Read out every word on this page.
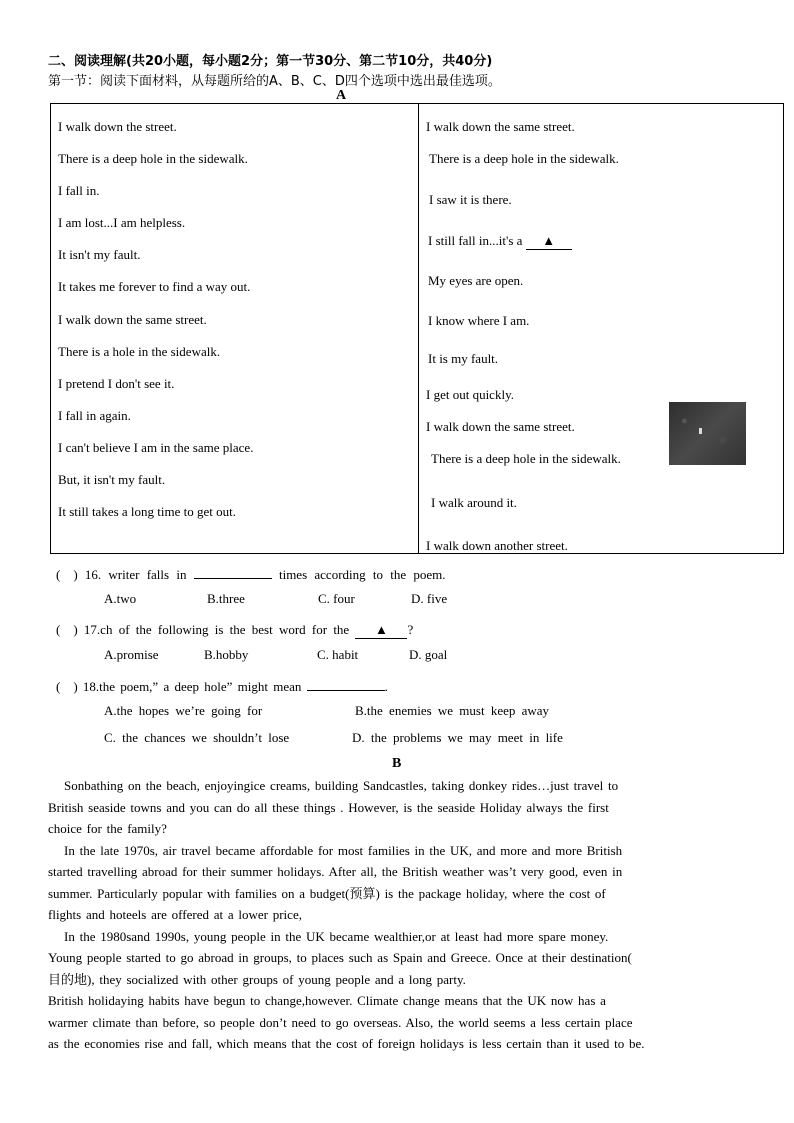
二、阅读理解(共20小题，每小题2分；第一节30分、第二节10分，共40分)
第一节：阅读下面材料，从每题所给的A、B、C、D四个选项中选出最佳选项。
A
I walk down the street.
There is a deep hole in the sidewalk.
I fall in.
I am lost...I am helpless.
It isn't my fault.
It takes me forever to find a way out.
I walk down the same street.
There is a hole in the sidewalk.
I pretend I don't see it.
I fall in again.
I can't believe I am in the same place.
But, it isn't my fault.
It still takes a long time to get out.
I walk down the same street.
There is a deep hole in the sidewalk.
I saw it is there.
I still fall in...it's a ▲
My eyes are open.
I know where I am.
It is my fault.
I get out quickly.
I walk down the same street.
There is a deep hole in the sidewalk.
I walk around it.
I walk down another street.
(　) 16. writer falls in	times according to the poem.
A.two	B.three	C. four	D. five
(　) 17.ch of the following is the best word for the ▲ ?
A.promise	B.hobby	C. habit	D. goal
(　) 18.the poem,” a deep hole” might mean	.
A.the hopes we’re going for	B.the enemies we must keep away
C. the chances we shouldn’t lose	D. the problems we may meet in life
B
Sonbathing on the beach, enjoyingice creams, building Sandcastles, taking donkey rides…just travel to
British seaside towns and you can do all these things . However, is the seaside Holiday always the first
choice for the family?
In the late 1970s, air travel became affordable for most families in the UK, and more and more British
started travelling abroad for their summer holidays. After all, the British weather was’t very good, even in
summer. Particularly popular with families on a budget(预算) is the package holiday, where the cost of
flights and hoteels are offered at a lower price,
In the 1980sand 1990s, young people in the UK became wealthier,or at least had more spare money.
Young people started to go abroad in groups, to places such as Spain and Greece. Once at their destination(
目的地), they socialized with other groups of young people and a long party.
British holidaying habits have begun to change,however. Climate change means that the UK now has a
warmer climate than before, so people don’t need to go overseas. Also, the world seems a less certain place
as the economies rise and fall, which means that the cost of foreign holidays is less certain than it used to be.
